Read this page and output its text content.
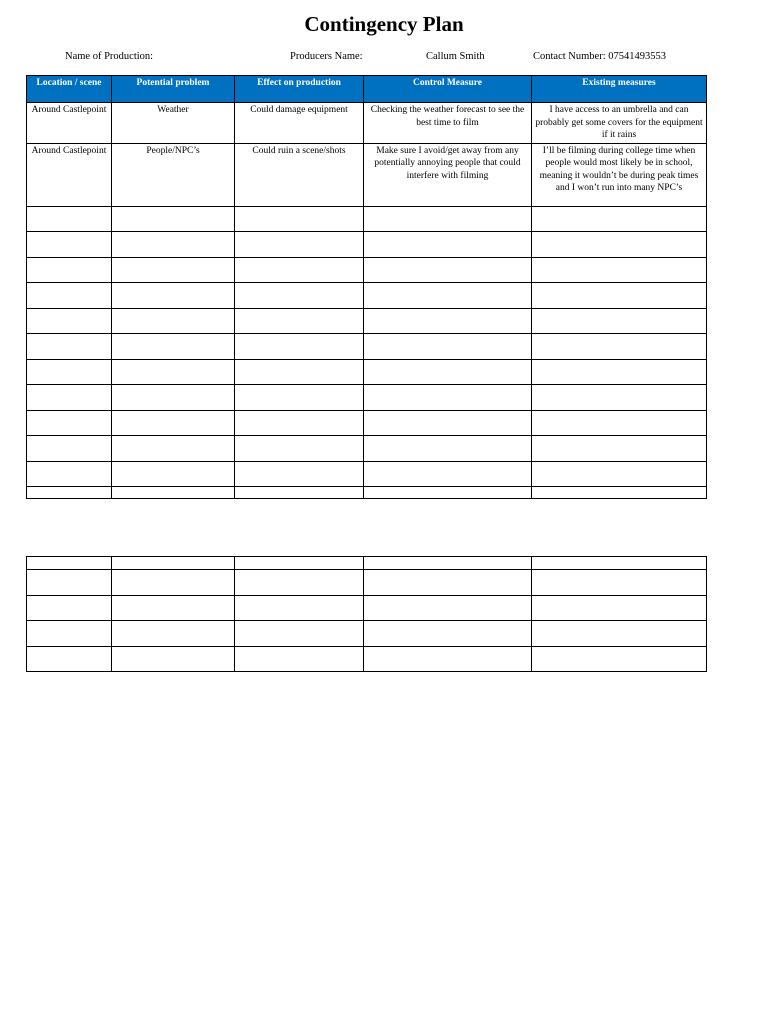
Contingency Plan
Name of Production:	Producers Name:	Callum Smith	Contact Number: 07541493553
Location / scene	Potential problem	Effect on production	Control Measure	Existing measures
Around Castlepoint	Weather	Could damage equipment	Checking the weather forecast to see the best time to film	I have access to an umbrella and can probably get some covers for the equipment if it rains
Around Castlepoint	People/NPC’s	Could ruin a scene/shots	Make sure I avoid/get away from any potentially annoying people that could interfere with filming	I’ll be filming during college time when people would most likely be in school, meaning it wouldn’t be during peak times and I won’t run into many NPC’s
